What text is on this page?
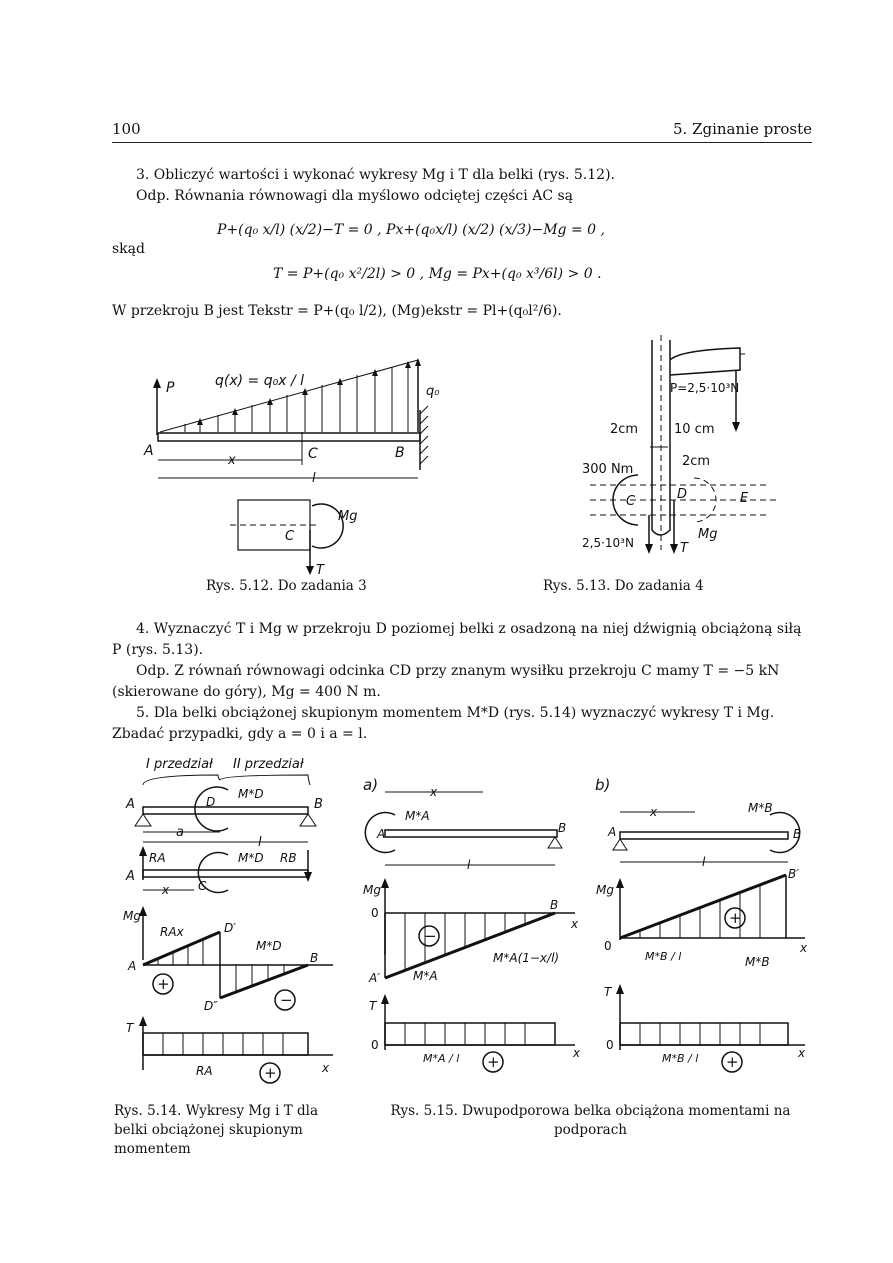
100	5. Zginanie proste
3. Obliczyć wartości i wykonać wykresy Mg i T dla belki (rys. 5.12).
Odp. Równania równowagi dla myślowo odciętej części AC są
P+(q₀ x/l) (x/2)−T = 0 , Px+(q₀x/l) (x/2) (x/3)−Mg = 0 ,
skąd
T = P+(q₀ x²/2l) > 0 , Mg = Px+(q₀ x³/6l) > 0 .
W przekroju B jest Tekstr = P+(q₀ l/2), (Mg)ekstr = Pl+(q₀l²/6).
P	q(x) = q₀x / l
q₀
A	C	B
x
l
C
Mg
T
Rys. 5.12. Do zadania 3
P=2,5·10³N
2cm	10 cm
2cm
300 Nm
C	D	E
2,5·10³N	T
Mg
Rys. 5.13. Do zadania 4
4. Wyznaczyć T i Mg w przekroju D poziomej belki z osadzoną na niej dźwignią obciążoną siłą P (rys. 5.13).
Odp. Z równań równowagi odcinka CD przy znanym wysiłku przekroju C mamy T = −5 kN (skierowane do góry), Mg = 400 N m.
5. Dla belki obciążonej skupionym momentem M*D (rys. 5.14) wyznaczyć wykresy T i Mg. Zbadać przypadki, gdy a = 0 i a = l.
I przedział II przedział
A	D
M*D
B
a
l
RA	M*D RB
A
C
x
Mg
RAx	D′
M*D
A
B
D″
+
−
T
RA	+	x
Rys. 5.14. Wykresy Mg i T dla belki obciążonej skupionym momentem
a)	x
M*A
A	B
l
Mg
0
B
x
−
M*A(1−x/l)
A′	M*A
T
0
M*A / l +	x
b)
x	M*B
B
A
l
Mg
B′
+
0
M*B / l	M*B
x
T
0
M*B / l +	x
Rys. 5.15. Dwupodporowa belka obciążona momentami na podporach
